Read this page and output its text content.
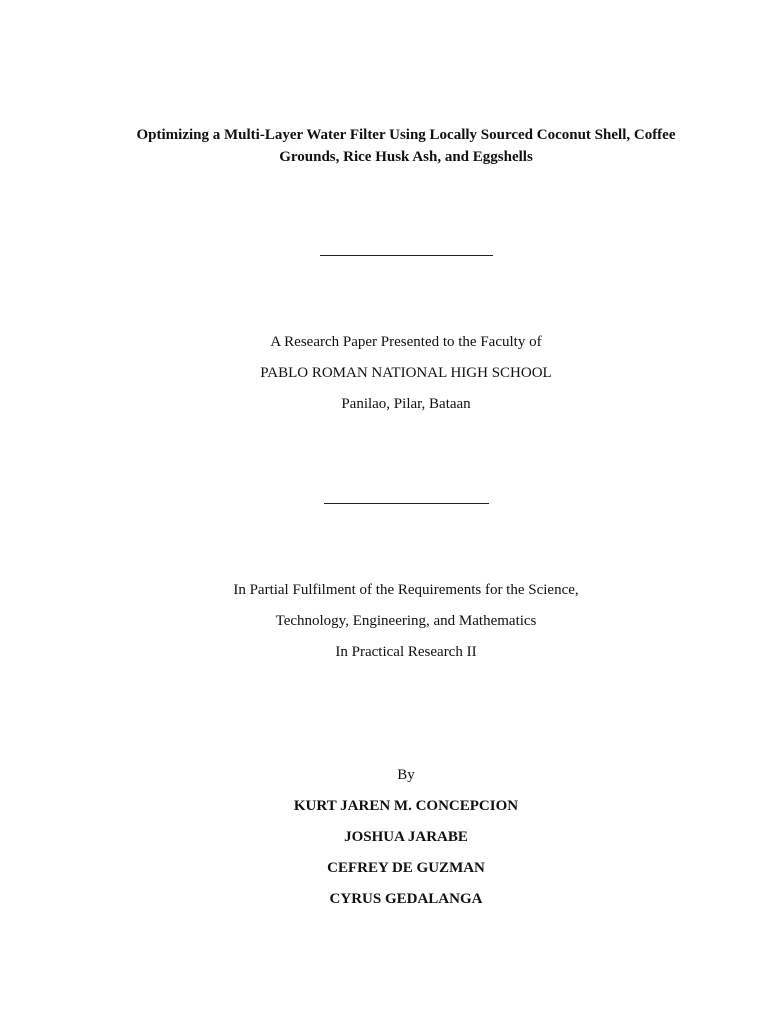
Optimizing a Multi-Layer Water Filter Using Locally Sourced Coconut Shell, Coffee
Grounds, Rice Husk Ash, and Eggshells
A Research Paper Presented to the Faculty of
PABLO ROMAN NATIONAL HIGH SCHOOL
Panilao, Pilar, Bataan
In Partial Fulfilment of the Requirements for the Science,
Technology, Engineering, and Mathematics
In Practical Research II
By
KURT JAREN M. CONCEPCION
JOSHUA JARABE
CEFREY DE GUZMAN
CYRUS GEDALANGA
